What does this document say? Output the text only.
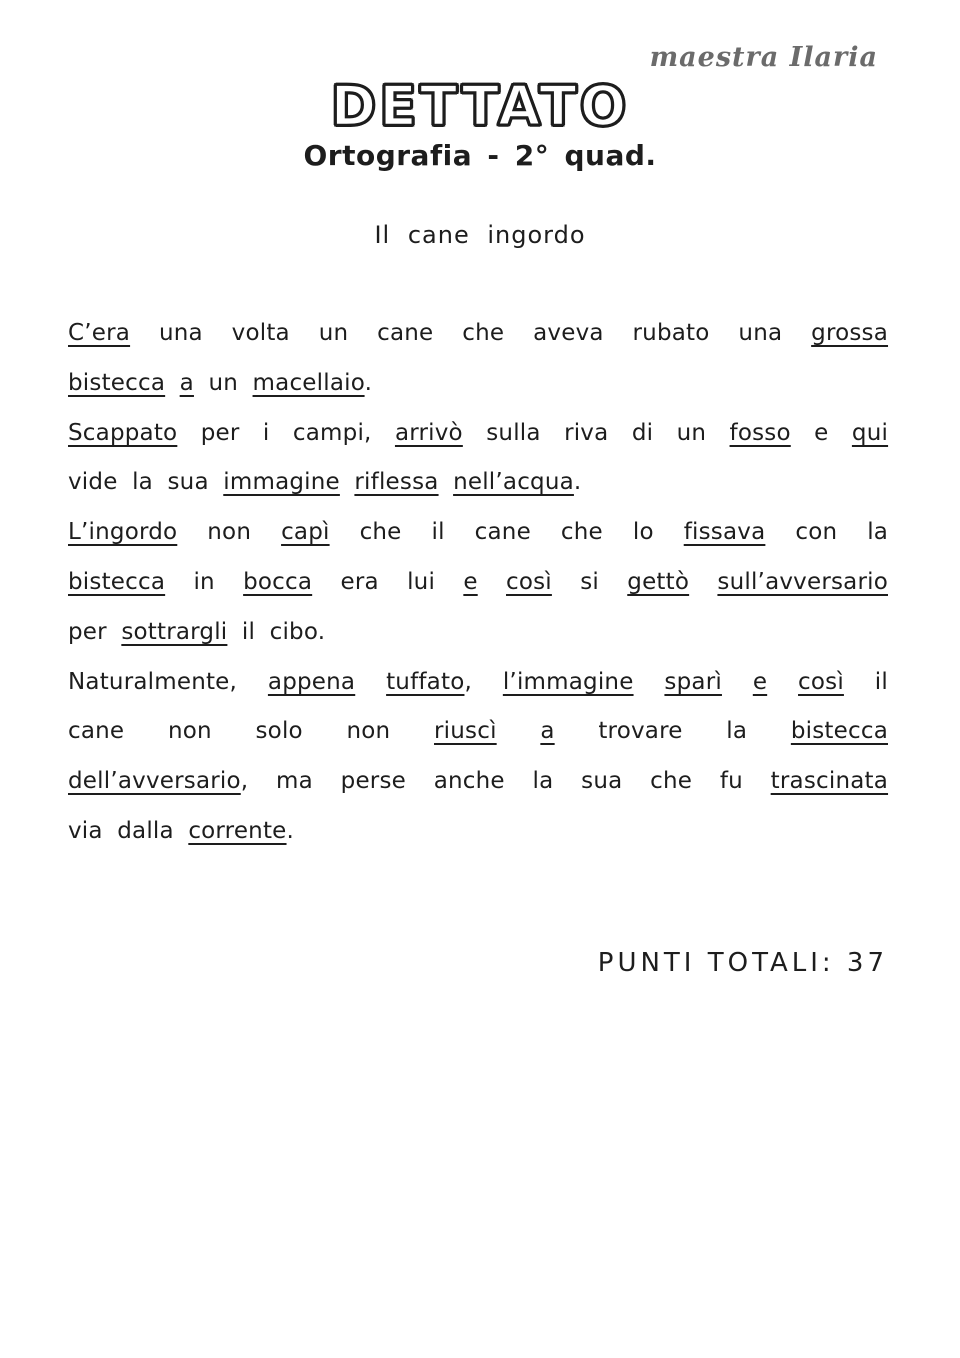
maestra Ilaria
DETTATO
Ortografia - 2° quad.
Il cane ingordo
C’era una volta un cane che aveva rubato una grossa
bistecca a un macellaio.
Scappato per i campi, arrivò sulla riva di un fosso e qui
vide la sua immagine riflessa nell’acqua.
L’ingordo non capì che il cane che lo fissava con la
bistecca in bocca era lui e così si gettò sull’avversario
per sottrargli il cibo.
Naturalmente, appena tuffato, l’immagine sparì e così il
cane non solo non riuscì a trovare la bistecca
dell’avversario, ma perse anche la sua che fu trascinata
via dalla corrente.
PUNTI TOTALI: 37
